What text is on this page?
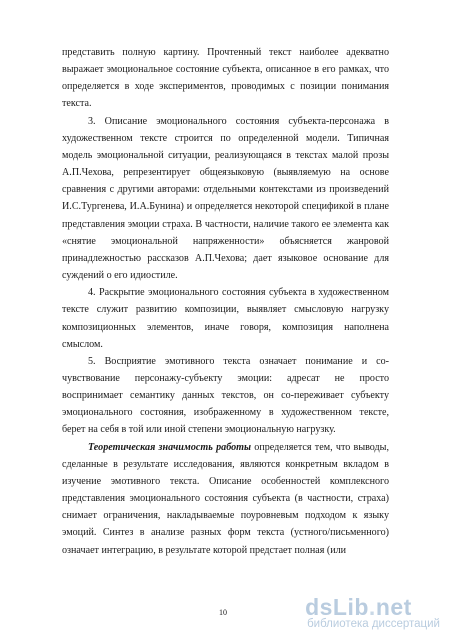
представить полную картину. Прочтенный текст наиболее адекватно выражает эмоциональное состояние субъекта, описанное в его рамках, что определяется в ходе экспериментов, проводимых с позиции понимания текста.

3. Описание эмоционального состояния субъекта-персонажа в художественном тексте строится по определенной модели. Типичная модель эмоциональной ситуации, реализующаяся в текстах малой прозы А.П.Чехова, репрезентирует общеязыковую (выявляемую на основе сравнения с другими авторами: отдельными контекстами из произведений И.С.Тургенева, И.А.Бунина) и определяется некоторой спецификой в плане представления эмоции страха. В частности, наличие такого ее элемента как «снятие эмоциональной напряженности» объясняется жанровой принадлежностью рассказов А.П.Чехова; дает языковое основание для суждений о его идиостиле.

4. Раскрытие эмоционального состояния субъекта в художественном тексте служит развитию композиции, выявляет смысловую нагрузку композиционных элементов, иначе говоря, композиция наполнена смыслом.

5. Восприятие эмотивного текста означает понимание и со-чувствование персонажу-субъекту эмоции: адресат не просто воспринимает семантику данных текстов, он со-переживает субъекту эмоционального состояния, изображенному в художественном тексте, берет на себя в той или иной степени эмоциональную нагрузку.

Теоретическая значимость работы определяется тем, что выводы, сделанные в результате исследования, являются конкретным вкладом в изучение эмотивного текста. Описание особенностей комплексного представления эмоционального состояния субъекта (в частности, страха) снимает ограничения, накладываемые поуровневым подходом к языку эмоций. Синтез в анализе разных форм текста (устного/письменного) означает интеграцию, в результате которой предстает полная (или

10	dsLib.net
библиотека диссертаций
